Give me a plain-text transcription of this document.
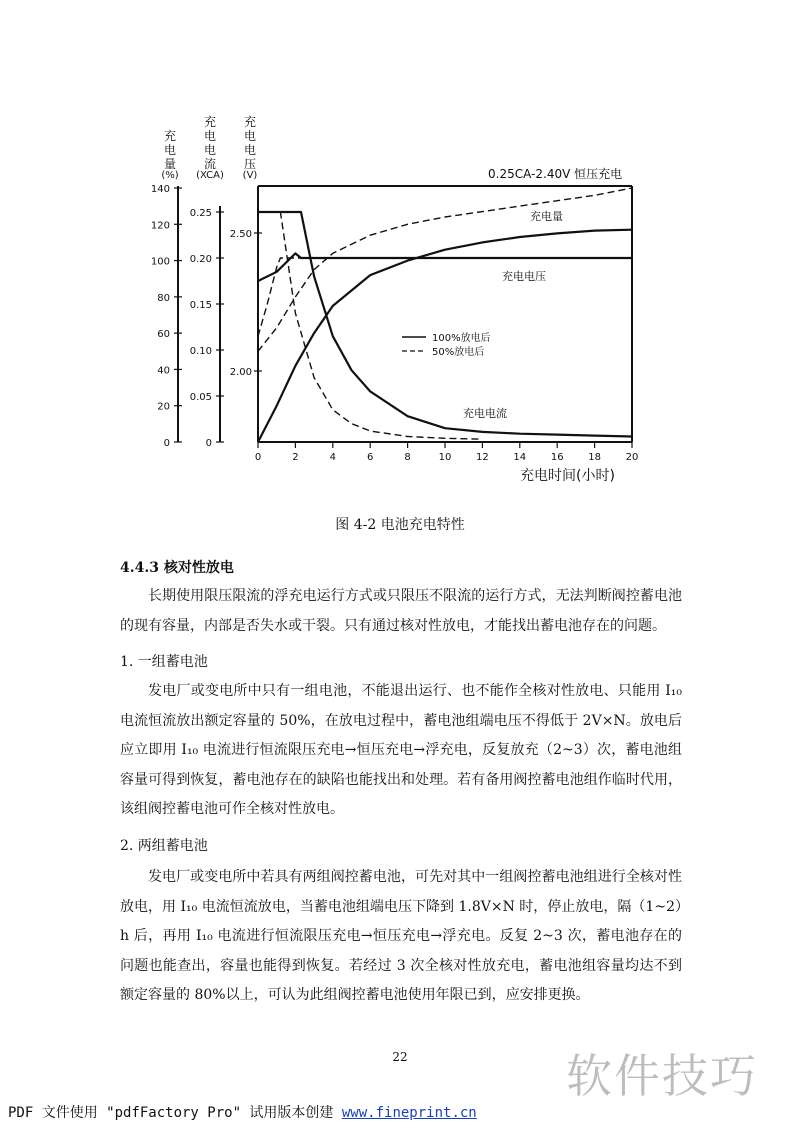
充
电
量
(%)
充
电
电
流
(XCA)
充
电
电
压
(V)
140
120
100
80
60
40
20
0
0.25
0.20
0.15
0.10
0.05
0
2.50
2.00
0	2	4	6	8	10 12 14 16 18 20
0.25CA-2.40V 恒压充电
充电量
充电电压
充电电流
100%放电后
50%放电后
充电时间(小时)
图 4-2 电池充电特性
4.4.3 核对性放电

长期使用限压限流的浮充电运行方式或只限压不限流的运行方式，无法判断阀控蓄电池的现有容量，内部是否失水或干裂。只有通过核对性放电，才能找出蓄电池存在的问题。

1. 一组蓄电池

发电厂或变电所中只有一组电池，不能退出运行、也不能作全核对性放电、只能用 I₁₀ 电流恒流放出额定容量的 50%，在放电过程中，蓄电池组端电压不得低于 2V×N。放电后应立即用 I₁₀ 电流进行恒流限压充电→恒压充电→浮充电，反复放充（2~3）次，蓄电池组容量可得到恢复，蓄电池存在的缺陷也能找出和处理。若有备用阀控蓄电池组作临时代用，该组阀控蓄电池可作全核对性放电。

2. 两组蓄电池

发电厂或变电所中若具有两组阀控蓄电池，可先对其中一组阀控蓄电池组进行全核对性放电，用 I₁₀ 电流恒流放电，当蓄电池组端电压下降到 1.8V×N 时，停止放电，隔（1~2）h 后，再用 I₁₀ 电流进行恒流限压充电→恒压充电→浮充电。反复 2~3 次，蓄电池存在的问题也能查出，容量也能得到恢复。若经过 3 次全核对性放充电，蓄电池组容量均达不到额定容量的 80%以上，可认为此组阀控蓄电池使用年限已到，应安排更换。

22	软件技巧
PDF 文件使用 "pdfFactory Pro" 试用版本创建 www.fineprint.cn
